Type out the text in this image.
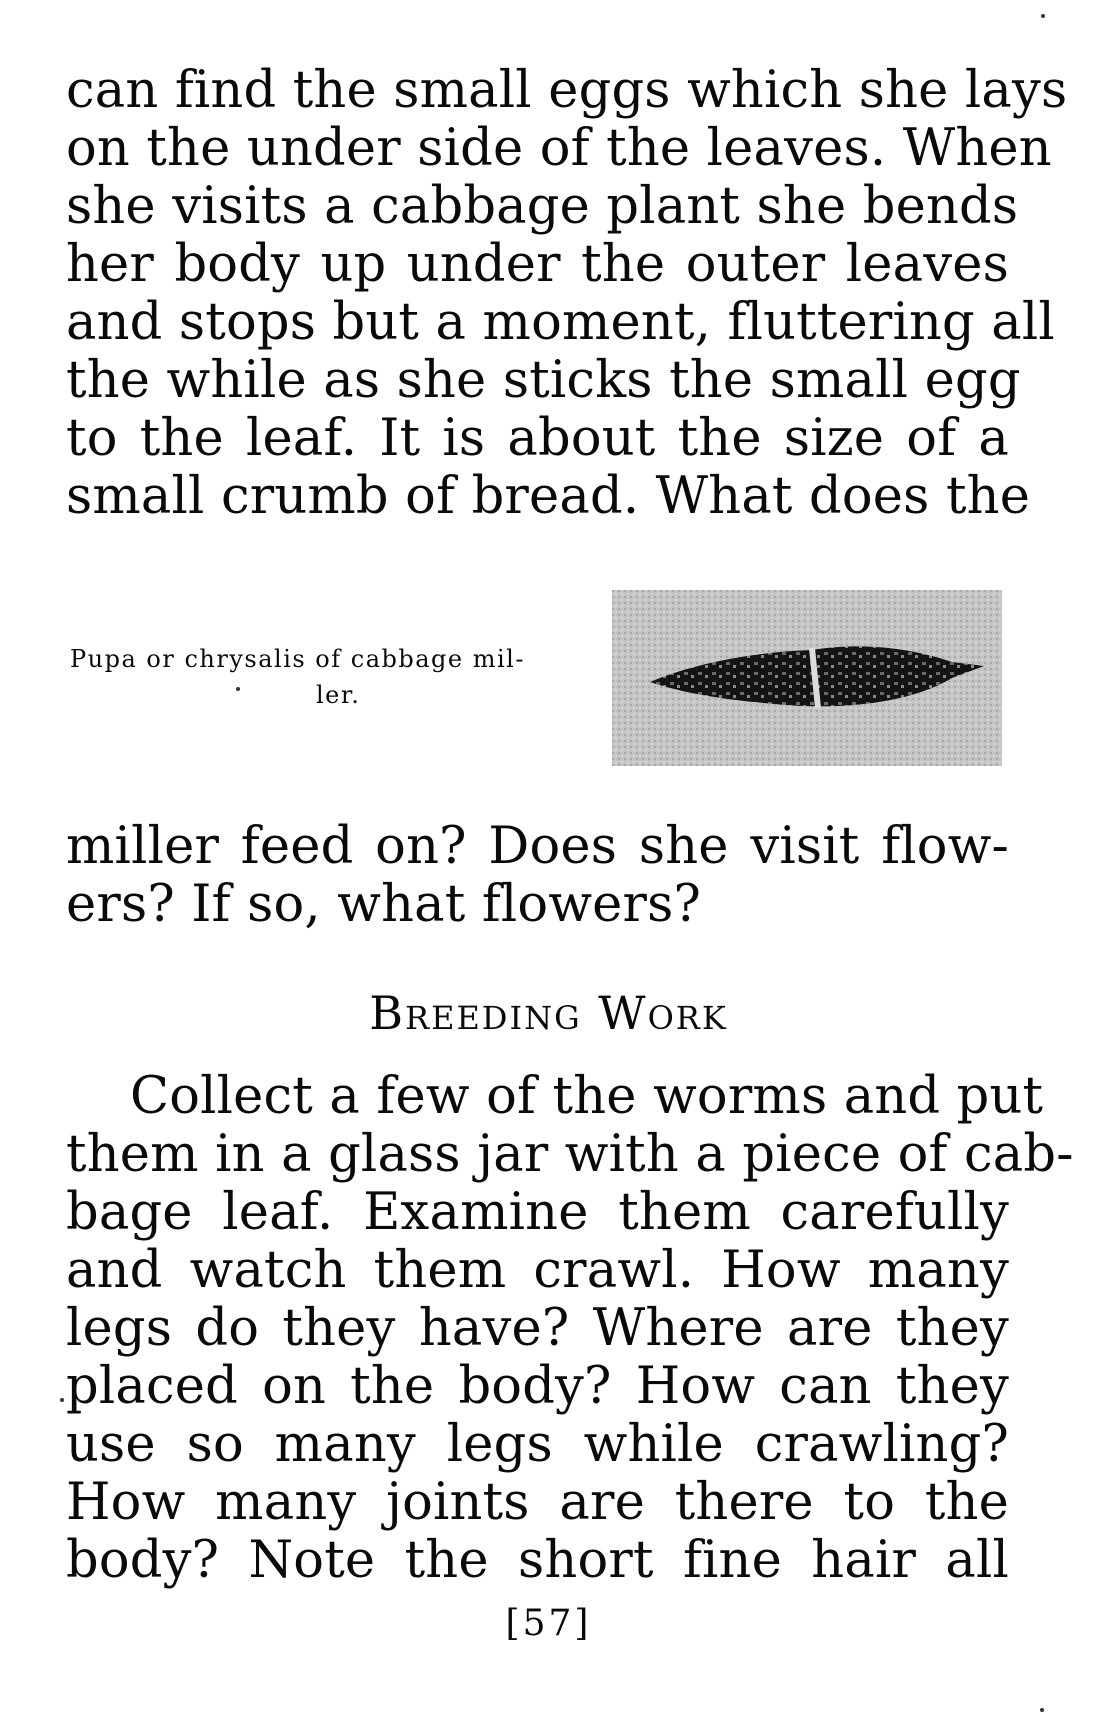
can find the small eggs which she lays
on the under side of the leaves. When
she visits a cabbage plant she bends
her body up under the outer leaves
and stops but a moment, fluttering all
the while as she sticks the small egg
to the leaf. It is about the size of a
small crumb of bread. What does the
Pupa or chrysalis of cabbage mil-
ler.
miller feed on? Does she visit flow-
ers? If so, what flowers?
Breeding Work
Collect a few of the worms and put
them in a glass jar with a piece of cab-
bage leaf. Examine them carefully
and watch them crawl. How many
legs do they have? Where are they
placed on the body? How can they
use so many legs while crawling?
How many joints are there to the
body? Note the short fine hair all
[57]
